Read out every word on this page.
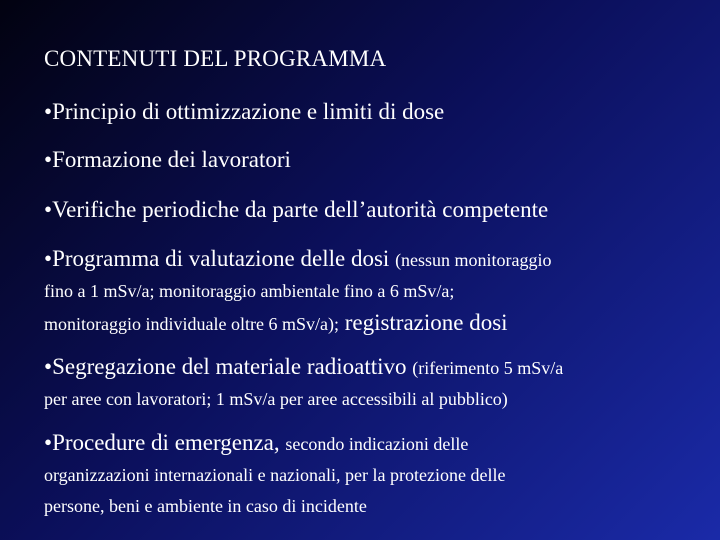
CONTENUTI DEL PROGRAMMA
•Principio di ottimizzazione e limiti di dose
•Formazione dei lavoratori
•Verifiche periodiche da parte dell’autorità competente
•Programma di valutazione delle dosi (nessun monitoraggio
fino a 1 mSv/a; monitoraggio ambientale fino a 6 mSv/a;
monitoraggio individuale oltre 6 mSv/a); registrazione dosi
•Segregazione del materiale radioattivo (riferimento 5 mSv/a
per aree con lavoratori; 1 mSv/a per aree accessibili al pubblico)
•Procedure di emergenza, secondo indicazioni delle
organizzazioni internazionali e nazionali, per la protezione delle
persone, beni e ambiente in caso di incidente
